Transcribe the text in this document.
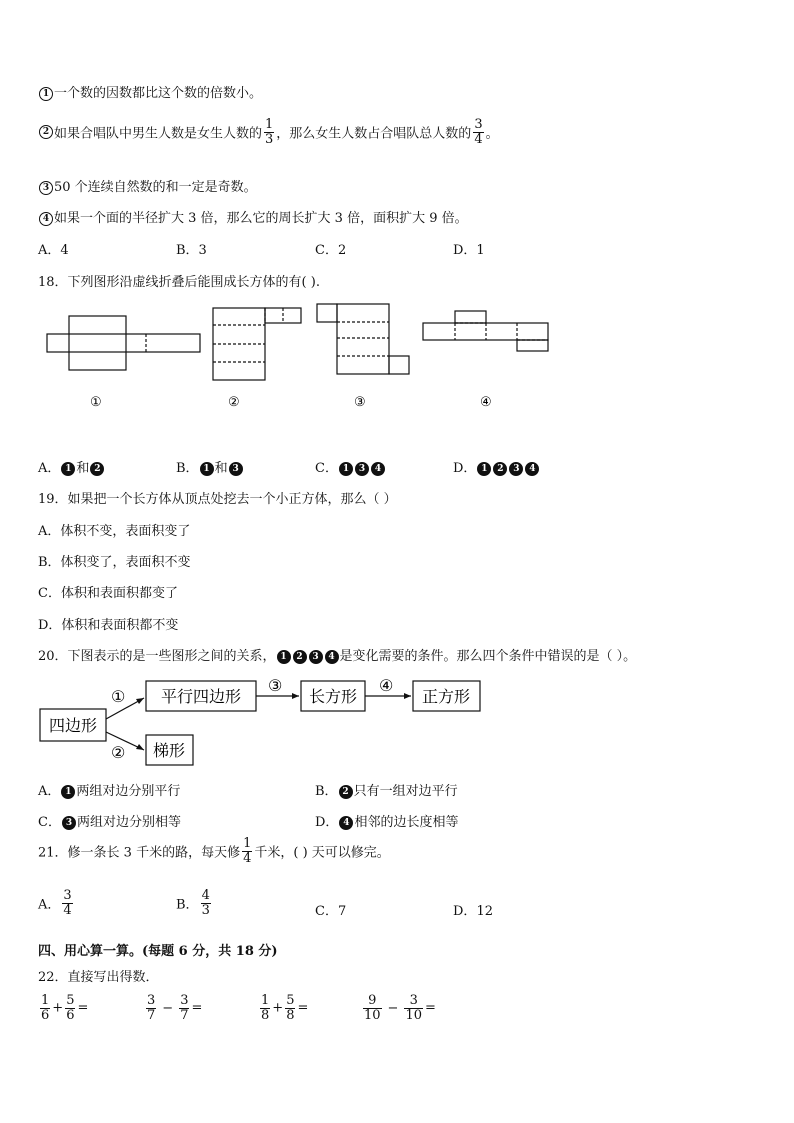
1 一个数的因数都比这个数的倍数小。
2 如果合唱队中男生人数是女生人数的 $\frac{1}{3}$ ，那么女生人数占合唱队总人数的 $\frac{3}{4}$ 。
3 50 个连续自然数的和一定是奇数。
4 如果一个面的半径扩大 3 倍，那么它的周长扩大 3 倍，面积扩大 9 倍。
A．4	B．3	C．2	D．1
18．下列图形沿虚线折叠后能围成长方体的有( ).
①	②	③	④
A． 1 和 2	B． 1 和 3	C． 1 3 4	D． 1 2 3 4
19．如果把一个长方体从顶点处挖去一个小正方体，那么（ ）
A．体积不变，表面积变了
B．体积变了，表面积不变
C．体积和表面积都变了
D．体积和表面积都不变
20．下图表示的是一些图形之间的关系， 1 2 3 4 是变化需要的条件。那么四个条件中错误的是（ ）。
四边形
平行四边形	长方形	正方形
梯形
①
②
③	④
A． 1 两组对边分别平行	B． 2 只有一组对边平行
C． 3 两组对边分别相等	D． 4 相邻的边长度相等
21．修一条长 3 千米的路，每天修 $\frac{1}{4}$ 千米，( ) 天可以修完。
A． $\frac{3}{4}$	B． $\frac{4}{3}$	C．7	D．12
四、用心算一算。(每题 6 分，共 18 分)
22．直接写出得数．
$\frac{1}{6} + \frac{5}{6}$ =	$\frac{3}{7} - \frac{3}{7}$ =	$\frac{1}{8} + \frac{5}{8}$ =	$\frac{9}{10} - \frac{3}{10}$ =
